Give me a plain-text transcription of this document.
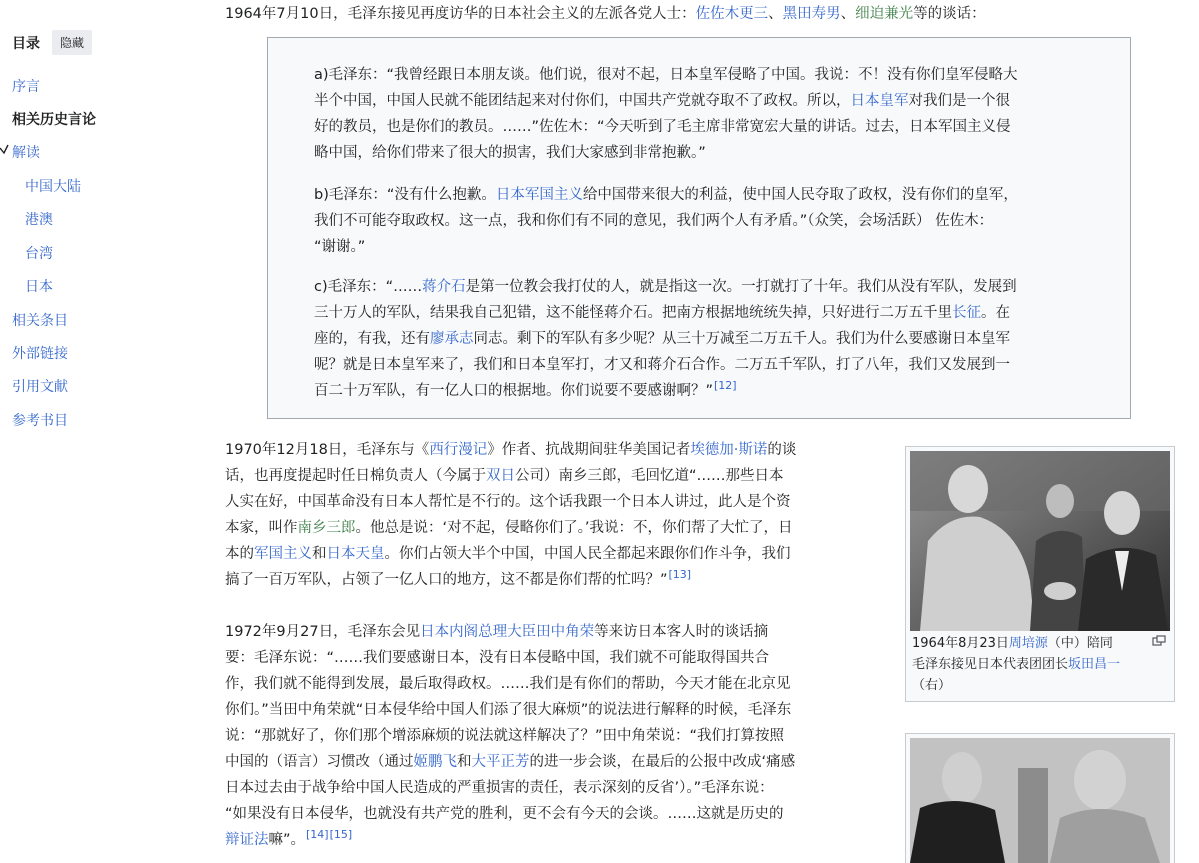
目录	隐藏
序言
相关历史言论
解读
中国大陆
港澳
台湾
日本
相关条目
外部链接
引用文献
参考书目
1964年7月10日，毛泽东接见再度访华的日本社会主义的左派各党人士：佐佐木更三、黑田寿男、细迫兼光等的谈话：
a)毛泽东：“我曾经跟日本朋友谈。他们说，很对不起，日本皇军侵略了中国。我说：不！没有你们皇军侵略大
半个中国，中国人民就不能团结起来对付你们，中国共产党就夺取不了政权。所以，日本皇军对我们是一个很
好的教员，也是你们的教员。……”佐佐木：“今天听到了毛主席非常宽宏大量的讲话。过去，日本军国主义侵
略中国，给你们带来了很大的损害，我们大家感到非常抱歉。”
b)毛泽东：“没有什么抱歉。日本军国主义给中国带来很大的利益，使中国人民夺取了政权，没有你们的皇军，
我们不可能夺取政权。这一点，我和你们有不同的意见，我们两个人有矛盾。”（众笑，会场活跃） 佐佐木：
“谢谢。”
c)毛泽东：“……蒋介石是第一位教会我打仗的人，就是指这一次。一打就打了十年。我们从没有军队，发展到
三十万人的军队，结果我自己犯错，这不能怪蒋介石。把南方根据地统统失掉，只好进行二万五千里长征。在
座的，有我，还有廖承志同志。剩下的军队有多少呢？从三十万减至二万五千人。我们为什么要感谢日本皇军
呢？就是日本皇军来了，我们和日本皇军打，才又和蒋介石合作。二万五千军队，打了八年，我们又发展到一
百二十万军队，有一亿人口的根据地。你们说要不要感谢啊？”[12]
1970年12月18日，毛泽东与《西行漫记》作者、抗战期间驻华美国记者埃德加·斯诺的谈
话，也再度提起时任日棉负责人（今属于双日公司）南乡三郎，毛回忆道“……那些日本
人实在好，中国革命没有日本人帮忙是不行的。这个话我跟一个日本人讲过，此人是个资
本家，叫作南乡三郎。他总是说：‘对不起，侵略你们了。’我说：不，你们帮了大忙了，日
本的军国主义和日本天皇。你们占领大半个中国，中国人民全都起来跟你们作斗争，我们
搞了一百万军队，占领了一亿人口的地方，这不都是你们帮的忙吗？”[13]
1972年9月27日，毛泽东会见日本内阁总理大臣田中角荣等来访日本客人时的谈话摘
要：毛泽东说：“……我们要感谢日本，没有日本侵略中国，我们就不可能取得国共合
作，我们就不能得到发展，最后取得政权。……我们是有你们的帮助，今天才能在北京见
你们。”当田中角荣就“日本侵华给中国人们添了很大麻烦”的说法进行解释的时候，毛泽东
说：“那就好了，你们那个增添麻烦的说法就这样解决了？”田中角荣说：“我们打算按照
中国的（语言）习惯改（通过姬鹏飞和大平正芳的进一步会谈，在最后的公报中改成‘痛感
日本过去由于战争给中国人民造成的严重损害的责任，表示深刻的反省’）。”毛泽东说：
“如果没有日本侵华，也就没有共产党的胜利，更不会有今天的会谈。……这就是历史的
辩证法嘛”。[14][15]
1964年8月23日周培源（中）陪同
毛泽东接见日本代表团团长坂田昌一
（右）
